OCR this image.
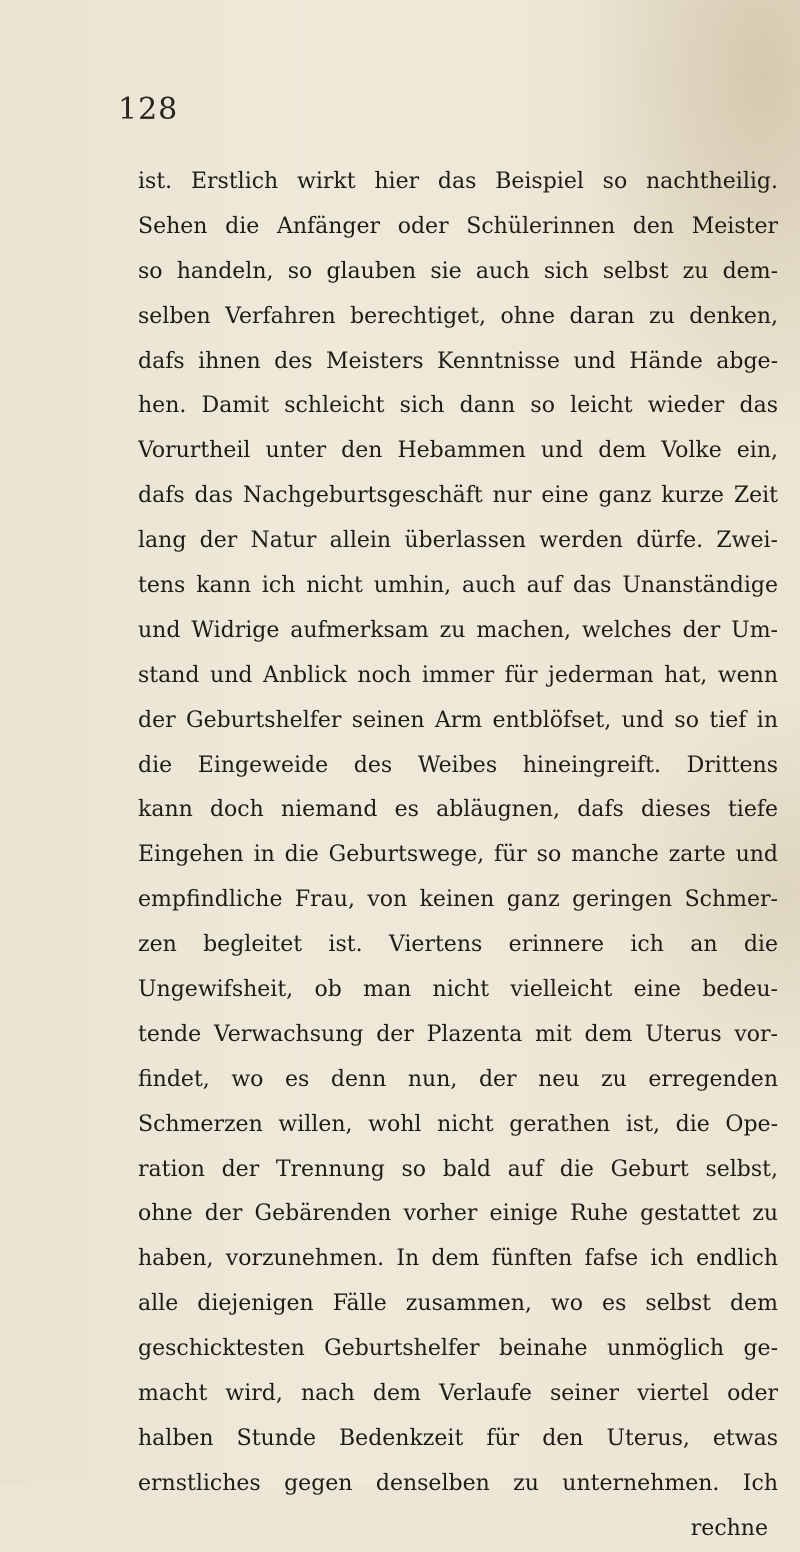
128
ist. Erstlich wirkt hier das Beispiel so nachtheilig.
Sehen die Anfänger oder Schülerinnen den Meister
so handeln, so glauben sie auch sich selbst zu dem-
selben Verfahren berechtiget, ohne daran zu denken,
dafs ihnen des Meisters Kenntnisse und Hände abge-
hen. Damit schleicht sich dann so leicht wieder das
Vorurtheil unter den Hebammen und dem Volke ein,
dafs das Nachgeburtsgeschäft nur eine ganz kurze Zeit
lang der Natur allein überlassen werden dürfe. Zwei-
tens kann ich nicht umhin, auch auf das Unanständige
und Widrige aufmerksam zu machen, welches der Um-
stand und Anblick noch immer für jederman hat, wenn
der Geburtshelfer seinen Arm entblöfset, und so tief in
die Eingeweide des Weibes hineingreift. Drittens
kann doch niemand es abläugnen, dafs dieses tiefe
Eingehen in die Geburtswege, für so manche zarte und
empfindliche Frau, von keinen ganz geringen Schmer-
zen begleitet ist. Viertens erinnere ich an die
Ungewifsheit, ob man nicht vielleicht eine bedeu-
tende Verwachsung der Plazenta mit dem Uterus vor-
findet, wo es denn nun, der neu zu erregenden
Schmerzen willen, wohl nicht gerathen ist, die Ope-
ration der Trennung so bald auf die Geburt selbst,
ohne der Gebärenden vorher einige Ruhe gestattet zu
haben, vorzunehmen. In dem fünften fafse ich endlich
alle diejenigen Fälle zusammen, wo es selbst dem
geschicktesten Geburtshelfer beinahe unmöglich ge-
macht wird, nach dem Verlaufe seiner viertel oder
halben Stunde Bedenkzeit für den Uterus, etwas
ernstliches gegen denselben zu unternehmen. Ich
rechne
